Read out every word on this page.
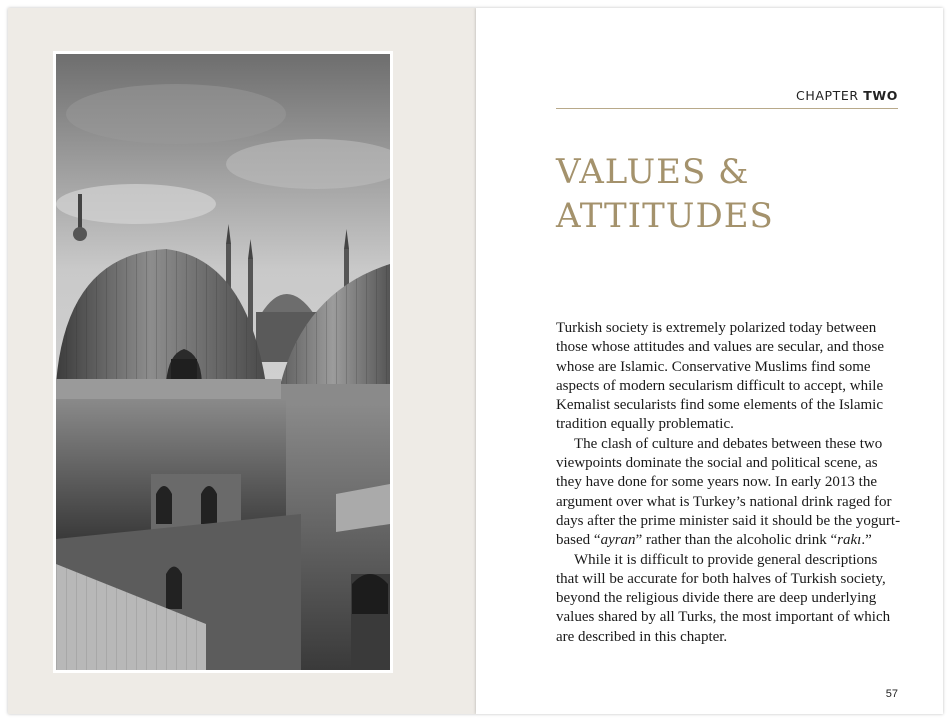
CHAPTER TWO
VALUES &
ATTITUDES

Turkish society is extremely polarized today between those whose attitudes and values are secular, and those whose are Islamic. Conservative Muslims find some aspects of modern secularism difficult to accept, while Kemalist secularists find some elements of the Islamic tradition equally problematic.

The clash of culture and debates between these two viewpoints dominate the social and political scene, as they have done for some years now. In early 2013 the argument over what is Turkey’s national drink raged for days after the prime minister said it should be the yogurt-based “ayran” rather than the alcoholic drink “rakı.”

While it is difficult to provide general descriptions that will be accurate for both halves of Turkish society, beyond the religious divide there are deep underlying values shared by all Turks, the most important of which are described in this chapter.

57
